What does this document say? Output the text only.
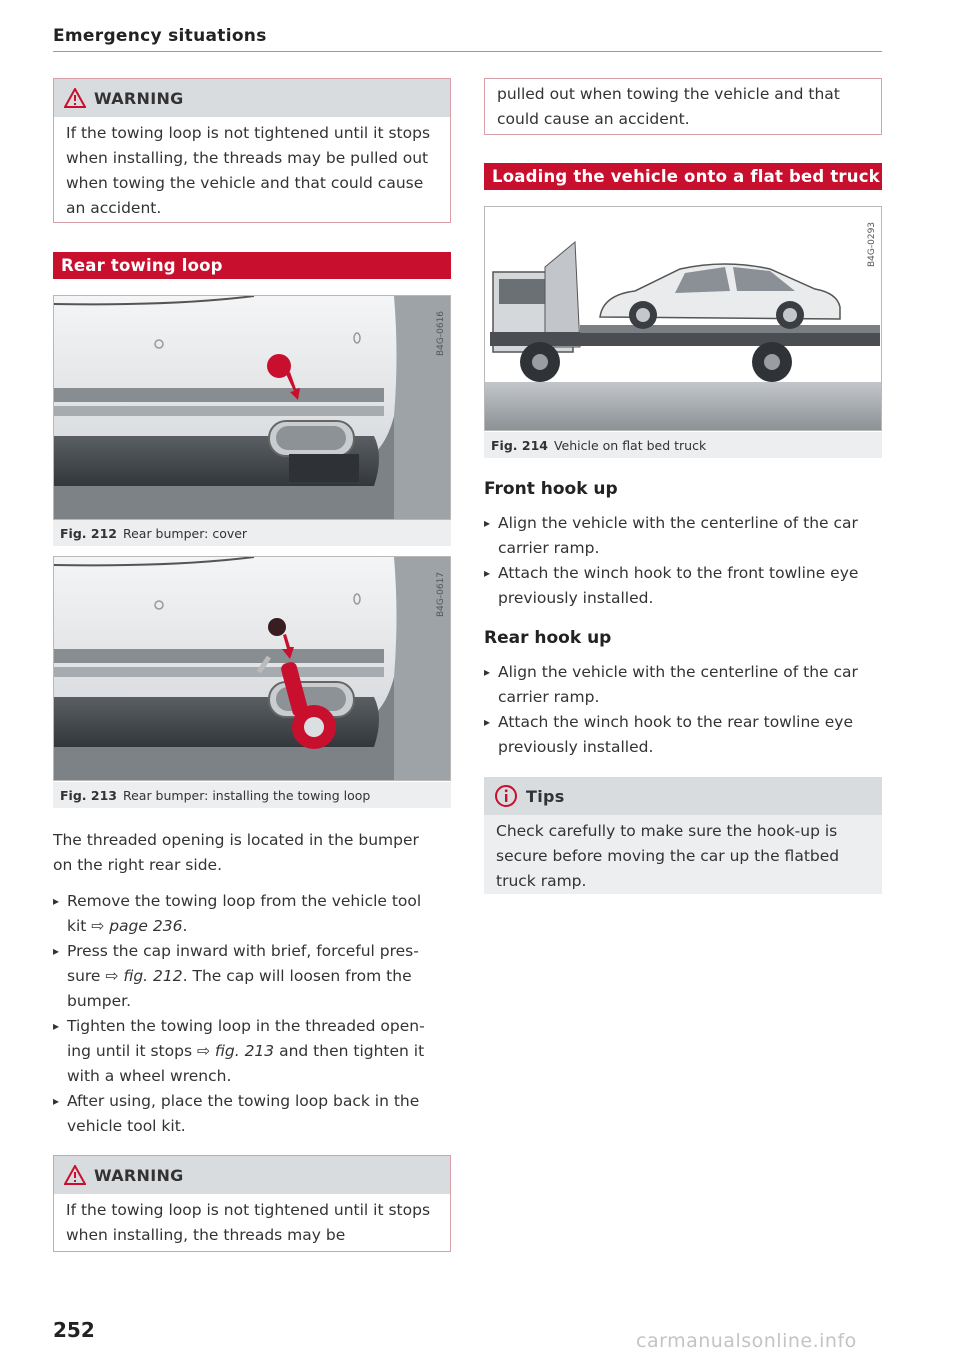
Emergency situations
WARNING
If the towing loop is not tightened until it stops when installing, the threads may be pulled out when towing the vehicle and that could cause an accident.
Rear towing loop
B4G-0616
Fig. 212 Rear bumper: cover
B4G-0617
Fig. 213 Rear bumper: installing the towing loop
The threaded opening is located in the bumper on the right rear side.
▸ Remove the towing loop from the vehicle tool kit ⇨ page 236.
▸ Press the cap inward with brief, forceful pres-sure ⇨ fig. 212. The cap will loosen from the bumper.
▸ Tighten the towing loop in the threaded open-ing until it stops ⇨ fig. 213 and then tighten it with a wheel wrench.
▸ After using, place the towing loop back in the vehicle tool kit.
WARNING
If the towing loop is not tightened until it stops when installing, the threads may be
pulled out when towing the vehicle and that could cause an accident.
Loading the vehicle onto a flat bed truck
B4G-0293
Fig. 214 Vehicle on flat bed truck
Front hook up
▸ Align the vehicle with the centerline of the car carrier ramp.
▸ Attach the winch hook to the front towline eye previously installed.
Rear hook up
▸ Align the vehicle with the centerline of the car carrier ramp.
▸ Attach the winch hook to the rear towline eye previously installed.
Tips
Check carefully to make sure the hook-up is secure before moving the car up the flatbed truck ramp.
252	carmanualsonline.info
